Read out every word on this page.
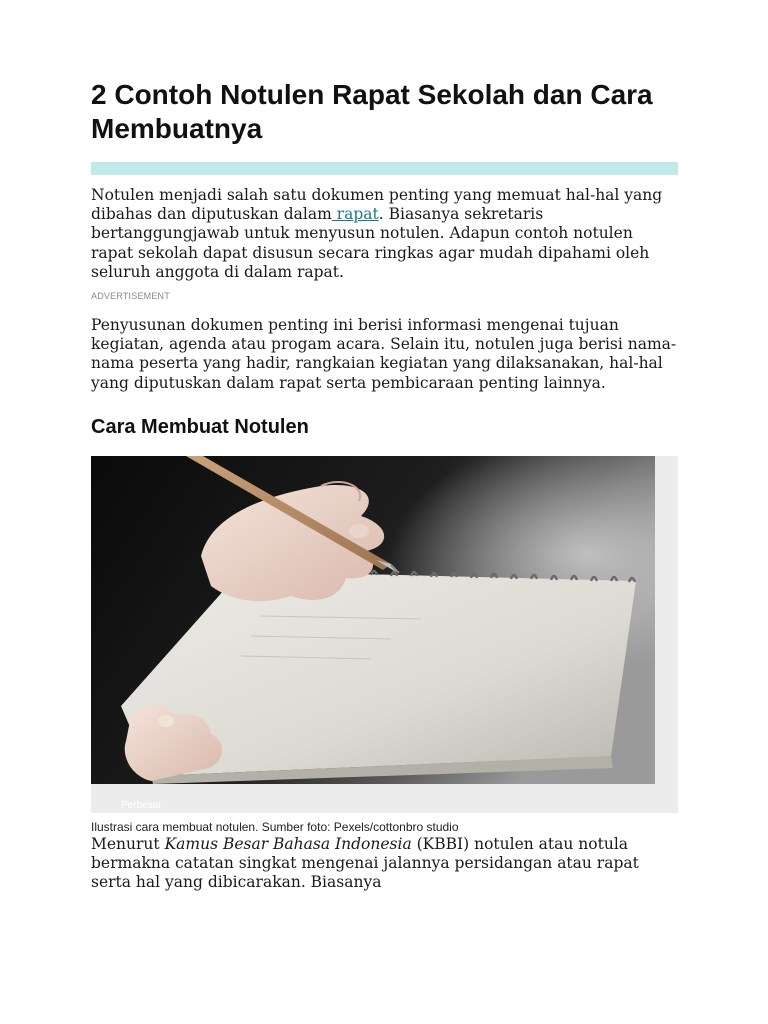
2 Contoh Notulen Rapat Sekolah dan Cara Membuatnya

Notulen menjadi salah satu dokumen penting yang memuat hal-hal yang dibahas dan diputuskan dalam rapat. Biasanya sekretaris bertanggungjawab untuk menyusun notulen. Adapun contoh notulen rapat sekolah dapat disusun secara ringkas agar mudah dipahami oleh seluruh anggota di dalam rapat.

ADVERTISEMENT

Penyusunan dokumen penting ini berisi informasi mengenai tujuan kegiatan, agenda atau progam acara. Selain itu, notulen juga berisi nama-nama peserta yang hadir, rangkaian kegiatan yang dilaksanakan, hal-hal yang diputuskan dalam rapat serta pembicaraan penting lainnya.

Cara Membuat Notulen
Perbesar
Ilustrasi cara membuat notulen. Sumber foto: Pexels/cottonbro studio

Menurut Kamus Besar Bahasa Indonesia (KBBI) notulen atau notula bermakna catatan singkat mengenai jalannya persidangan atau rapat serta hal yang dibicarakan. Biasanya
